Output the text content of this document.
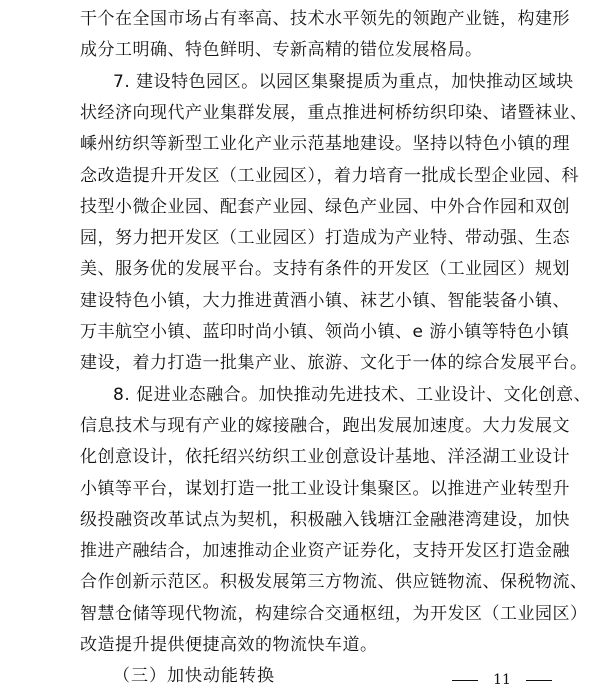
干个在全国市场占有率高、技术水平领先的领跑产业链，构建形
成分工明确、特色鲜明、专新高精的错位发展格局。
7. 建设特色园区。以园区集聚提质为重点，加快推动区域块
状经济向现代产业集群发展，重点推进柯桥纺织印染、诸暨袜业、
嵊州纺织等新型工业化产业示范基地建设。坚持以特色小镇的理
念改造提升开发区（工业园区），着力培育一批成长型企业园、科
技型小微企业园、配套产业园、绿色产业园、中外合作园和双创
园，努力把开发区（工业园区）打造成为产业特、带动强、生态
美、服务优的发展平台。支持有条件的开发区（工业园区）规划
建设特色小镇，大力推进黄酒小镇、袜艺小镇、智能装备小镇、
万丰航空小镇、蓝印时尚小镇、领尚小镇、e 游小镇等特色小镇
建设，着力打造一批集产业、旅游、文化于一体的综合发展平台。
8. 促进业态融合。加快推动先进技术、工业设计、文化创意、
信息技术与现有产业的嫁接融合，跑出发展加速度。大力发展文
化创意设计，依托绍兴纺织工业创意设计基地、洋泾湖工业设计
小镇等平台，谋划打造一批工业设计集聚区。以推进产业转型升
级投融资改革试点为契机，积极融入钱塘江金融港湾建设，加快
推进产融结合，加速推动企业资产证券化，支持开发区打造金融
合作创新示范区。积极发展第三方物流、供应链物流、保税物流、
智慧仓储等现代物流，构建综合交通枢纽，为开发区（工业园区）
改造提升提供便捷高效的物流快车道。
11
（三）加快动能转换
